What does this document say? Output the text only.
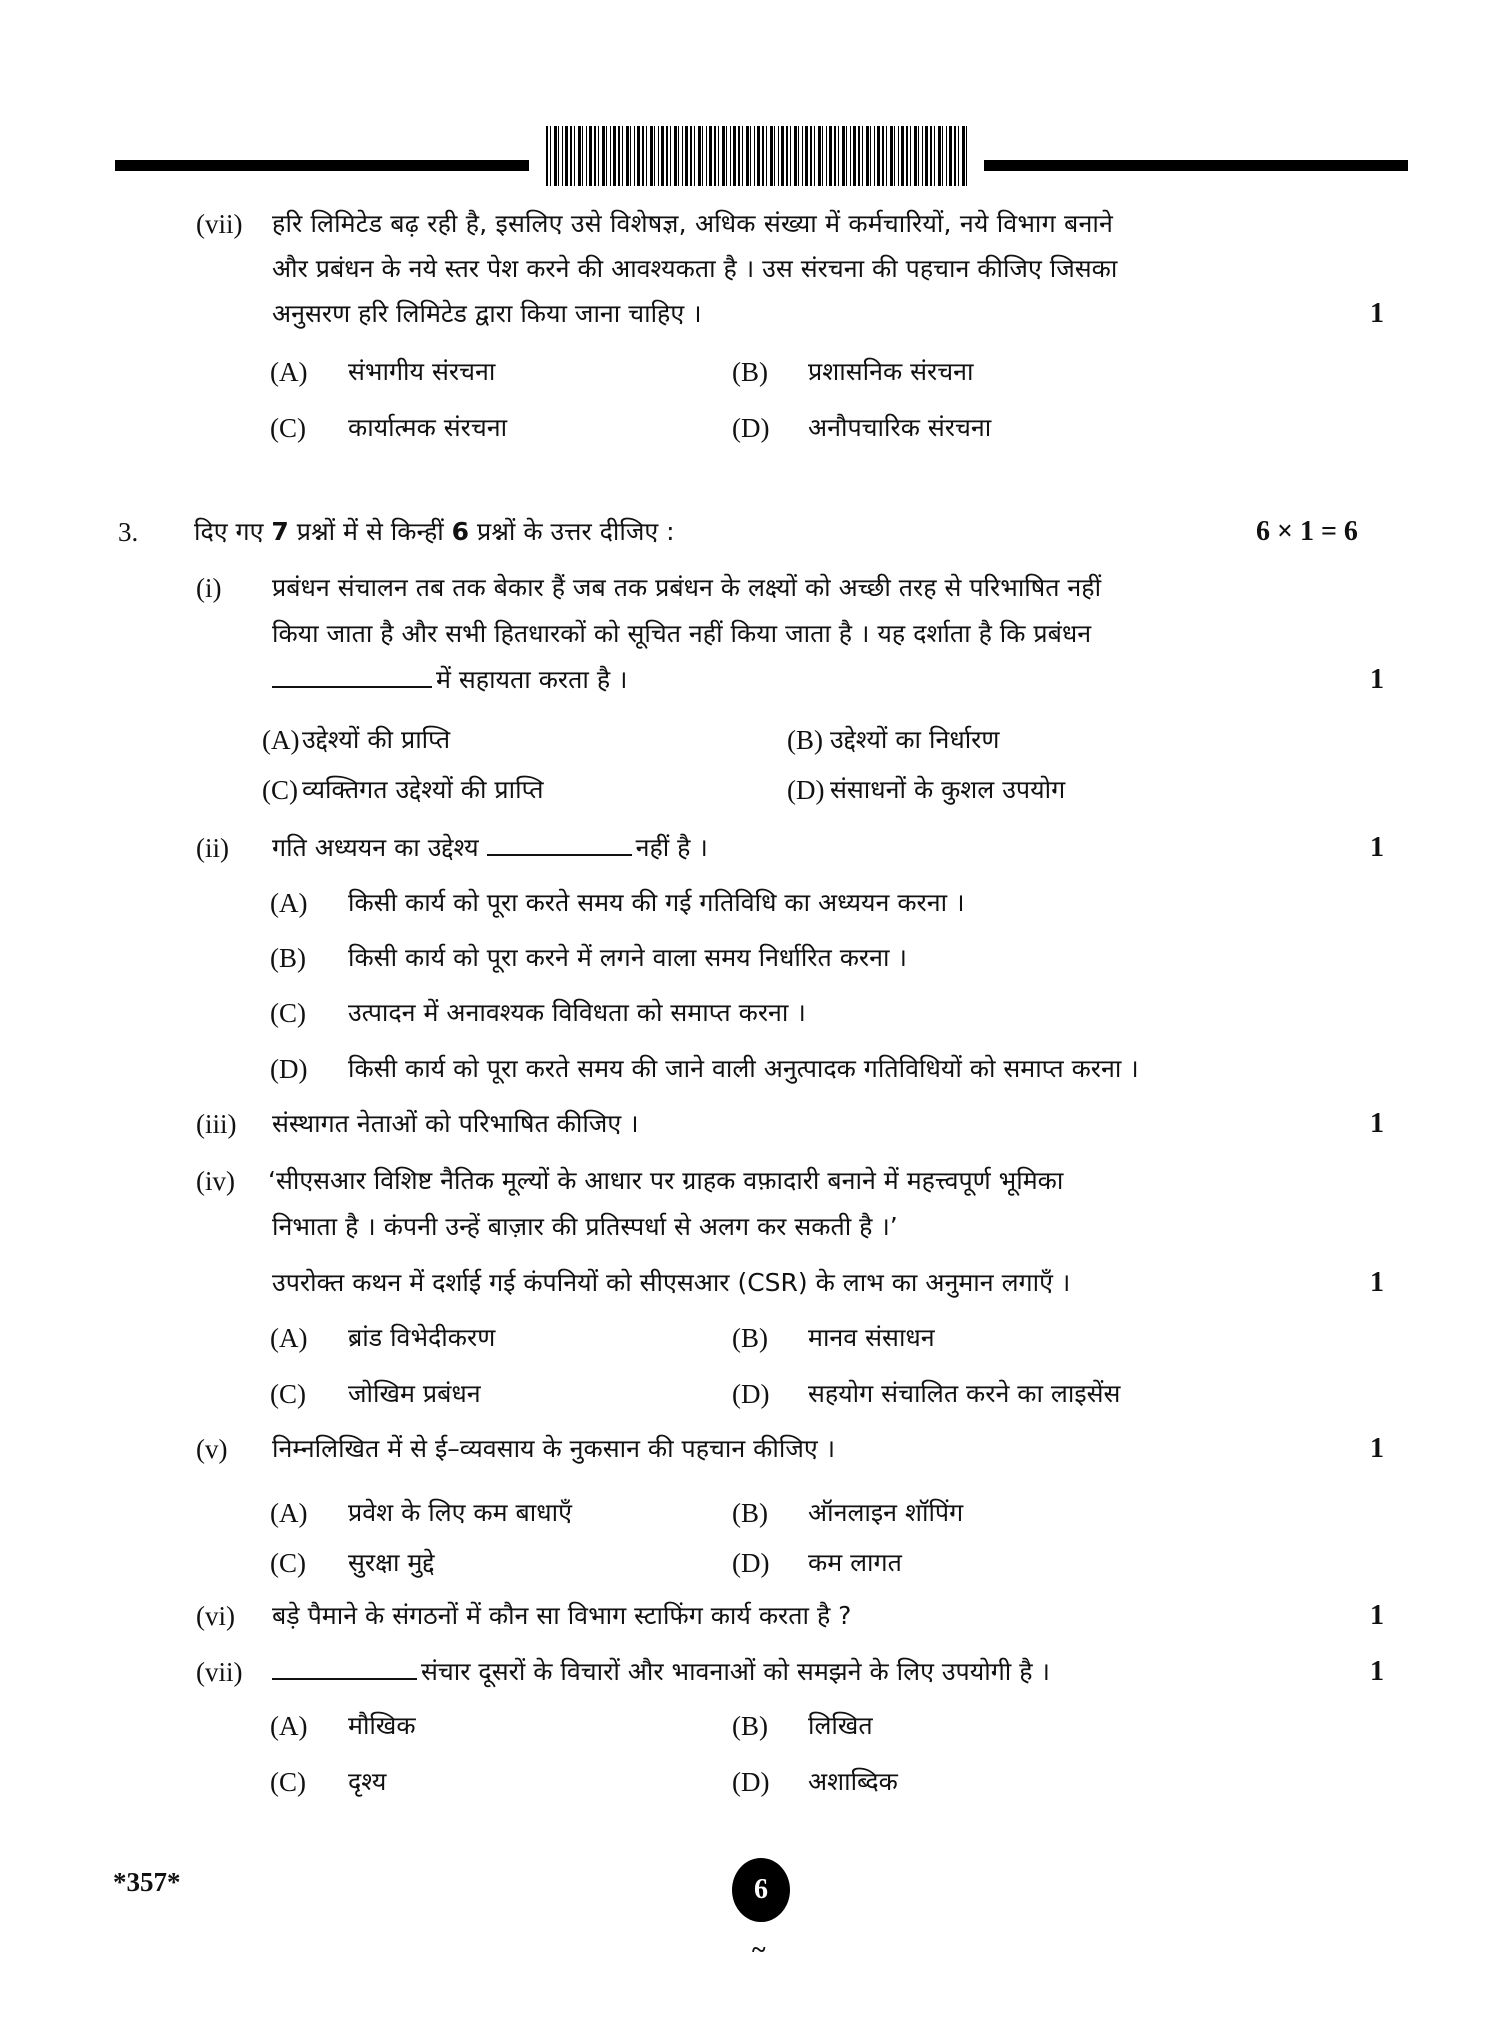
(vii) हरि लिमिटेड बढ़ रही है, इसलिए उसे विशेषज्ञ, अधिक संख्या में कर्मचारियों, नये विभाग बनाने
और प्रबंधन के नये स्तर पेश करने की आवश्यकता है । उस संरचना की पहचान कीजिए जिसका
अनुसरण हरि लिमिटेड द्वारा किया जाना चाहिए ।	1
(A) संभागीय संरचना	(B) प्रशासनिक संरचना
(C) कार्यात्मक संरचना	(D) अनौपचारिक संरचना
3. दिए गए 7 प्रश्नों में से किन्हीं 6 प्रश्नों के उत्तर दीजिए :	6 × 1 = 6
(i) प्रबंधन संचालन तब तक बेकार हैं जब तक प्रबंधन के लक्ष्यों को अच्छी तरह से परिभाषित नहीं
किया जाता है और सभी हितधारकों को सूचित नहीं किया जाता है । यह दर्शाता है कि प्रबंधन
में सहायता करता है ।	1
(A) उद्देश्यों की प्राप्ति	(B) उद्देश्यों का निर्धारण
(C) व्यक्तिगत उद्देश्यों की प्राप्ति	(D) संसाधनों के कुशल उपयोग
(ii) गति अध्ययन का उद्देश्य	नहीं है ।	1
(A) किसी कार्य को पूरा करते समय की गई गतिविधि का अध्ययन करना ।
(B) किसी कार्य को पूरा करने में लगने वाला समय निर्धारित करना ।
(C) उत्पादन में अनावश्यक विविधता को समाप्त करना ।
(D) किसी कार्य को पूरा करते समय की जाने वाली अनुत्पादक गतिविधियों को समाप्त करना ।
(iii) संस्थागत नेताओं को परिभाषित कीजिए ।	1
(iv) ‘सीएसआर विशिष्ट नैतिक मूल्यों के आधार पर ग्राहक वफ़ादारी बनाने में महत्त्वपूर्ण भूमिका
निभाता है । कंपनी उन्हें बाज़ार की प्रतिस्पर्धा से अलग कर सकती है ।’
उपरोक्त कथन में दर्शाई गई कंपनियों को सीएसआर (CSR) के लाभ का अनुमान लगाएँ ।	1
(A) ब्रांड विभेदीकरण	(B) मानव संसाधन
(C) जोखिम प्रबंधन	(D) सहयोग संचालित करने का लाइसेंस
(v) निम्नलिखित में से ई–व्यवसाय के नुकसान की पहचान कीजिए ।	1
(A) प्रवेश के लिए कम बाधाएँ	(B) ऑनलाइन शॉपिंग
(C) सुरक्षा मुद्दे	(D) कम लागत
(vi) बड़े पैमाने के संगठनों में कौन सा विभाग स्टाफिंग कार्य करता है ?	1
(vii)	संचार दूसरों के विचारों और भावनाओं को समझने के लिए उपयोगी है ।	1
(A) मौखिक	(B) लिखित
(C) दृश्य	(D) अशाब्दिक
*357*	6
~
